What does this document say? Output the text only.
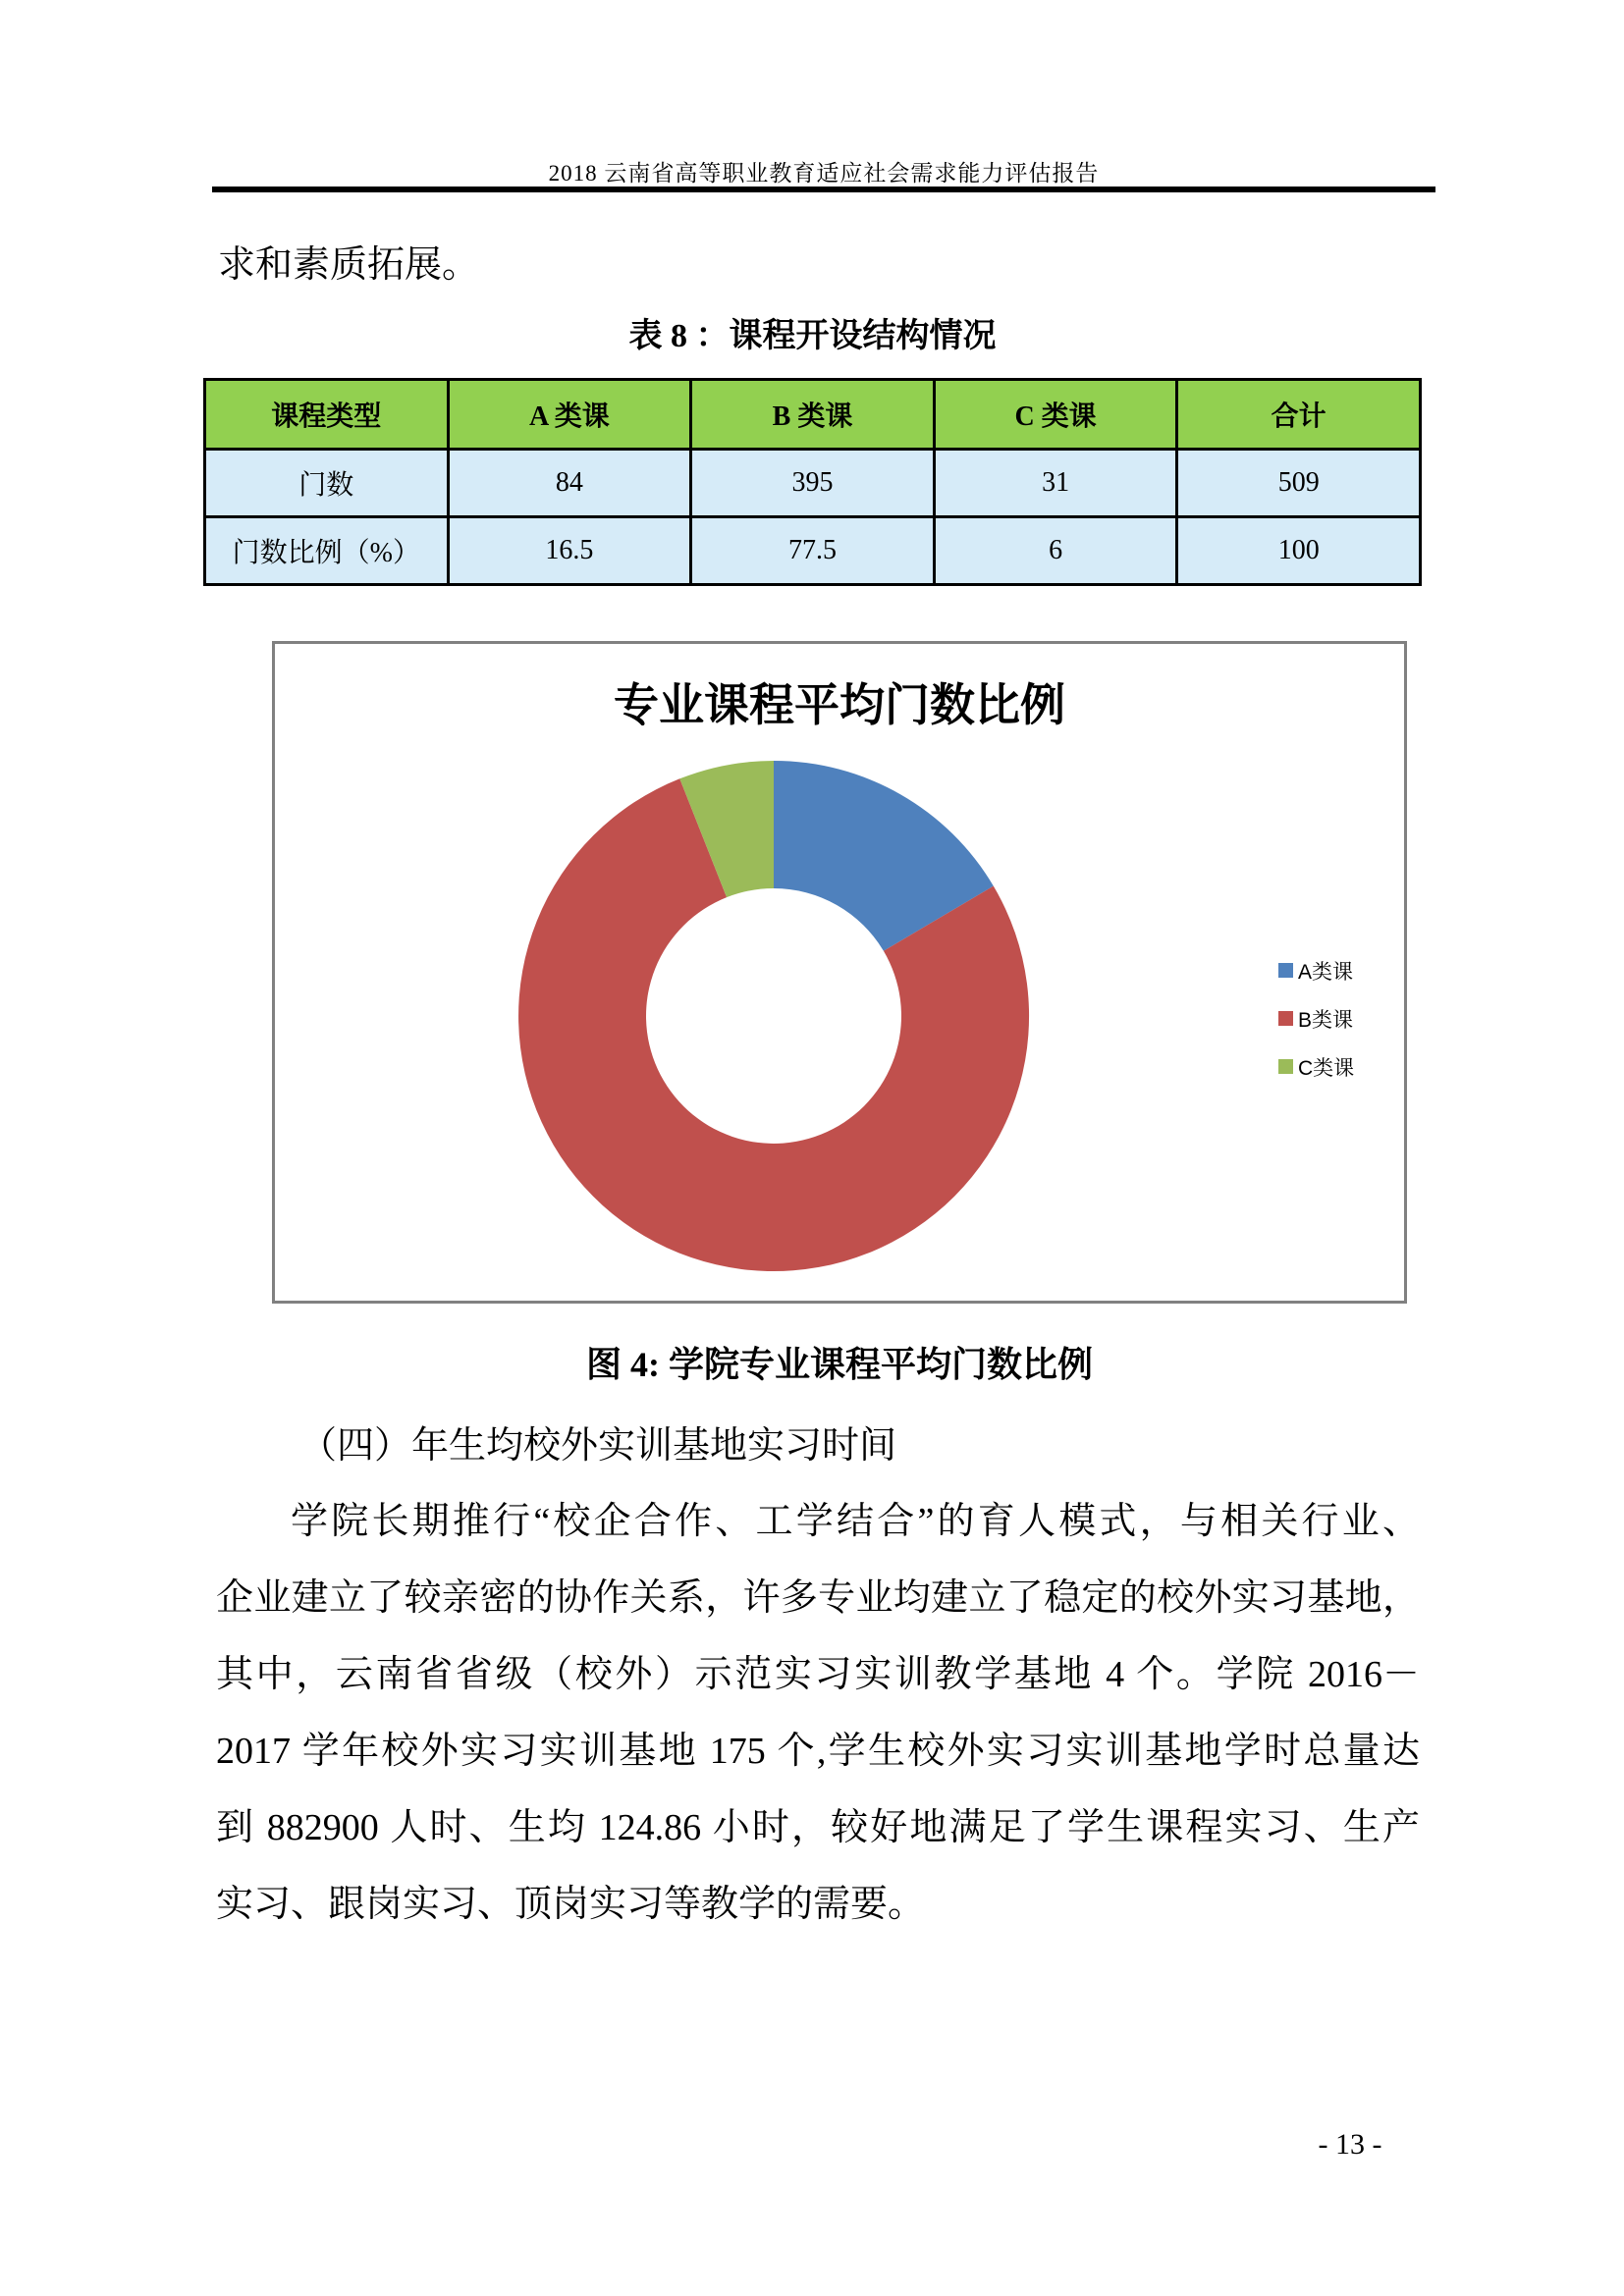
2018 云南省高等职业教育适应社会需求能力评估报告
求和素质拓展。
表 8 ：课程开设结构情况
课程类型	A 类课	B 类课	C 类课	合计
门数	84	395	31	509
门数比例（%）	16.5	77.5	6	100
专业课程平均门数比例
A类课
B类课
C类课
图 4: 学院专业课程平均门数比例
（四）年生均校外实训基地实习时间
学院长期推行“校企合作、工学结合”的育人模式，与相关行业、
企业建立了较亲密的协作关系，许多专业均建立了稳定的校外实习基地，
其中，云南省省级（校外）示范实习实训教学基地 4 个。学院 2016－
2017 学年校外实习实训基地 175 个,学生校外实习实训基地学时总量达
到 882900 人时、生均 124.86 小时，较好地满足了学生课程实习、生产
实习、跟岗实习、顶岗实习等教学的需要。
- 13 -
